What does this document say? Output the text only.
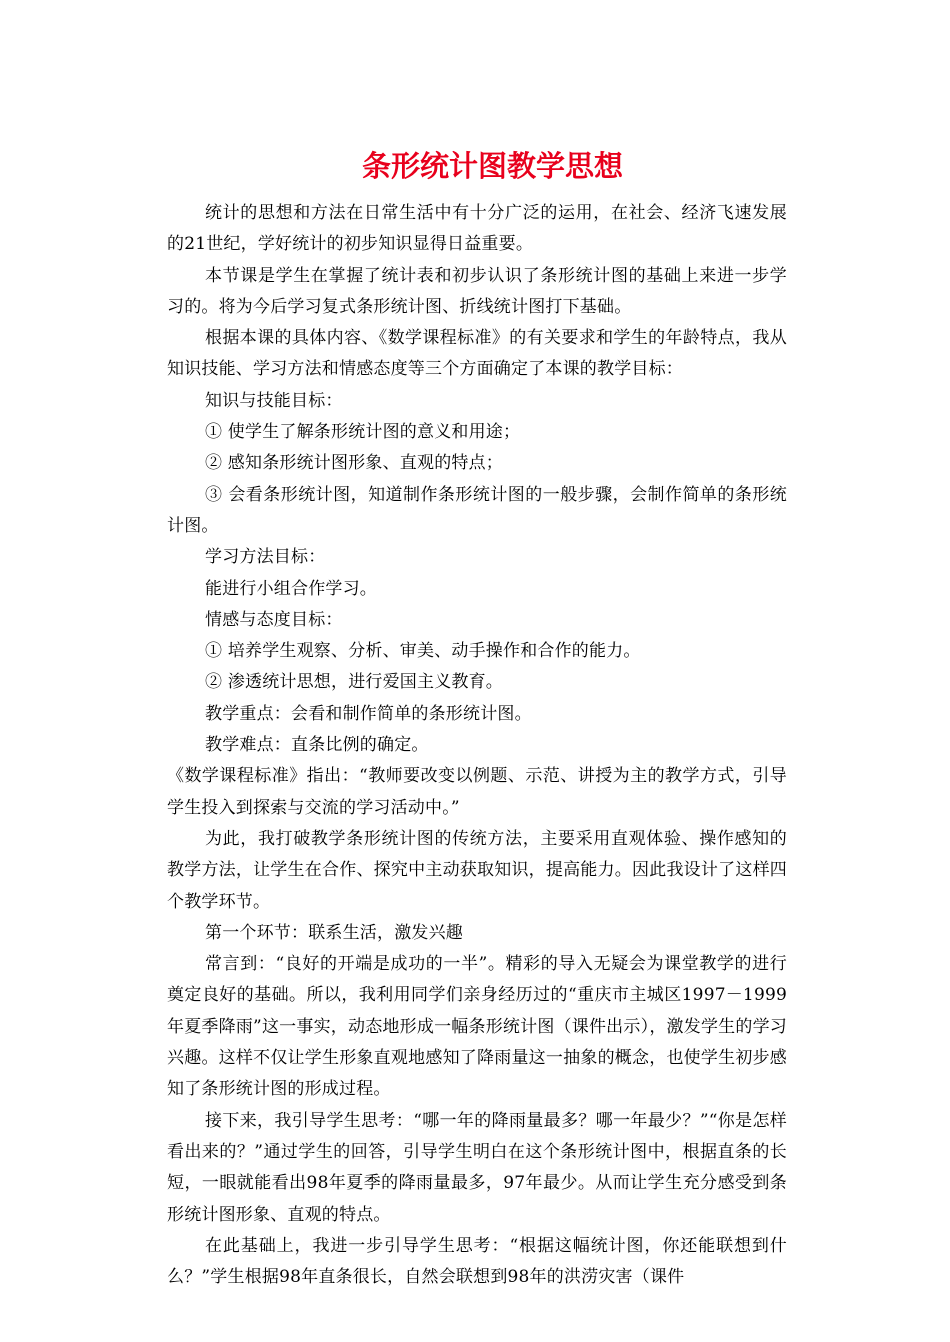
条形统计图教学思想

统计的思想和方法在日常生活中有十分广泛的运用，在社会、经济飞速发展的21世纪，学好统计的初步知识显得日益重要。

本节课是学生在掌握了统计表和初步认识了条形统计图的基础上来进一步学习的。将为今后学习复式条形统计图、折线统计图打下基础。

根据本课的具体内容、《数学课程标准》的有关要求和学生的年龄特点，我从知识技能、学习方法和情感态度等三个方面确定了本课的教学目标：

知识与技能目标：

① 使学生了解条形统计图的意义和用途；

② 感知条形统计图形象、直观的特点；

③ 会看条形统计图，知道制作条形统计图的一般步骤，会制作简单的条形统计图。

学习方法目标：

能进行小组合作学习。

情感与态度目标：

① 培养学生观察、分析、审美、动手操作和合作的能力。

② 渗透统计思想，进行爱国主义教育。

教学重点：会看和制作简单的条形统计图。

教学难点：直条比例的确定。

《数学课程标准》指出：“教师要改变以例题、示范、讲授为主的教学方式，引导学生投入到探索与交流的学习活动中。”

为此，我打破教学条形统计图的传统方法，主要采用直观体验、操作感知的教学方法，让学生在合作、探究中主动获取知识，提高能力。因此我设计了这样四个教学环节。

第一个环节：联系生活，激发兴趣

常言到：“良好的开端是成功的一半”。精彩的导入无疑会为课堂教学的进行奠定良好的基础。所以，我利用同学们亲身经历过的“重庆市主城区1997－1999年夏季降雨”这一事实，动态地形成一幅条形统计图（课件出示），激发学生的学习兴趣。这样不仅让学生形象直观地感知了降雨量这一抽象的概念，也使学生初步感知了条形统计图的形成过程。

接下来，我引导学生思考：“哪一年的降雨量最多？哪一年最少？”“你是怎样看出来的？”通过学生的回答，引导学生明白在这个条形统计图中，根据直条的长短，一眼就能看出98年夏季的降雨量最多，97年最少。从而让学生充分感受到条形统计图形象、直观的特点。

在此基础上，我进一步引导学生思考：“根据这幅统计图，你还能联想到什么？”学生根据98年直条很长，自然会联想到98年的洪涝灾害（课件
